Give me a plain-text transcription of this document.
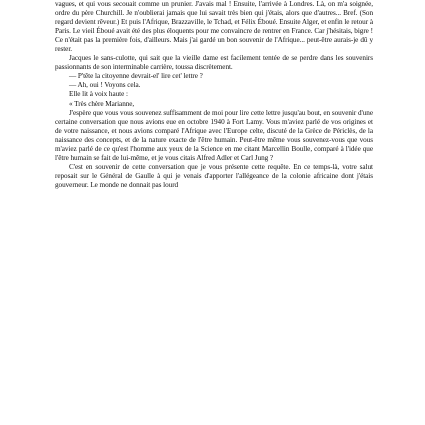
vagues, et qui vous secouait comme un prunier. J'avais mal ! Ensuite, l'arrivée à Londres. Là, on m'a soignée, ordre du père Churchill. Je n'oublierai jamais que lui savait très bien qui j'étais, alors que d'autres... Bref. (Son regard devient rêveur.) Et puis l'Afrique, Brazzaville, le Tchad, et Félix Éboué. Ensuite Alger, et enfin le retour à Paris. Le vieil Éboué avait été des plus éloquents pour me convaincre de rentrer en France. Car j'hésitais, bigre ! Ce n'était pas la première fois, d'ailleurs. Mais j'ai gardé un bon souvenir de l'Afrique... peut-être aurais-je dû y rester.

Jacques le sans-culotte, qui sait que la vieille dame est facilement tentée de se perdre dans les souvenirs passionnants de son interminable carrière, toussa discrètement.

— P'tête la citoyenne devrait-el' lire cet' lettre ?

— Ah, oui ! Voyons cela.

Elle lit à voix haute :

« Très chère Marianne,

J'espère que vous vous souvenez suffisamment de moi pour lire cette lettre jusqu'au bout, en souvenir d'une certaine conversation que nous avions eue en octobre 1940 à Fort Lamy. Vous m'aviez parlé de vos origines et de votre naissance, et nous avions comparé l'Afrique avec l'Europe celte, discuté de la Grèce de Périclès, de la naissance des concepts, et de la nature exacte de l'être humain. Peut-être même vous souvenez-vous que vous m'aviez parlé de ce qu'est l'homme aux yeux de la Science en me citant Marcellin Boulle, comparé à l'idée que l'être humain se fait de lui-même, et je vous citais Alfred Adler et Carl Jung ?

C'est en souvenir de cette conversation que je vous présente cette requête. En ce temps-là, votre salut reposait sur le Général de Gaulle à qui je venais d'apporter l'allégeance de la colonie africaine dont j'étais gouverneur. Le monde ne donnait pas lourd
